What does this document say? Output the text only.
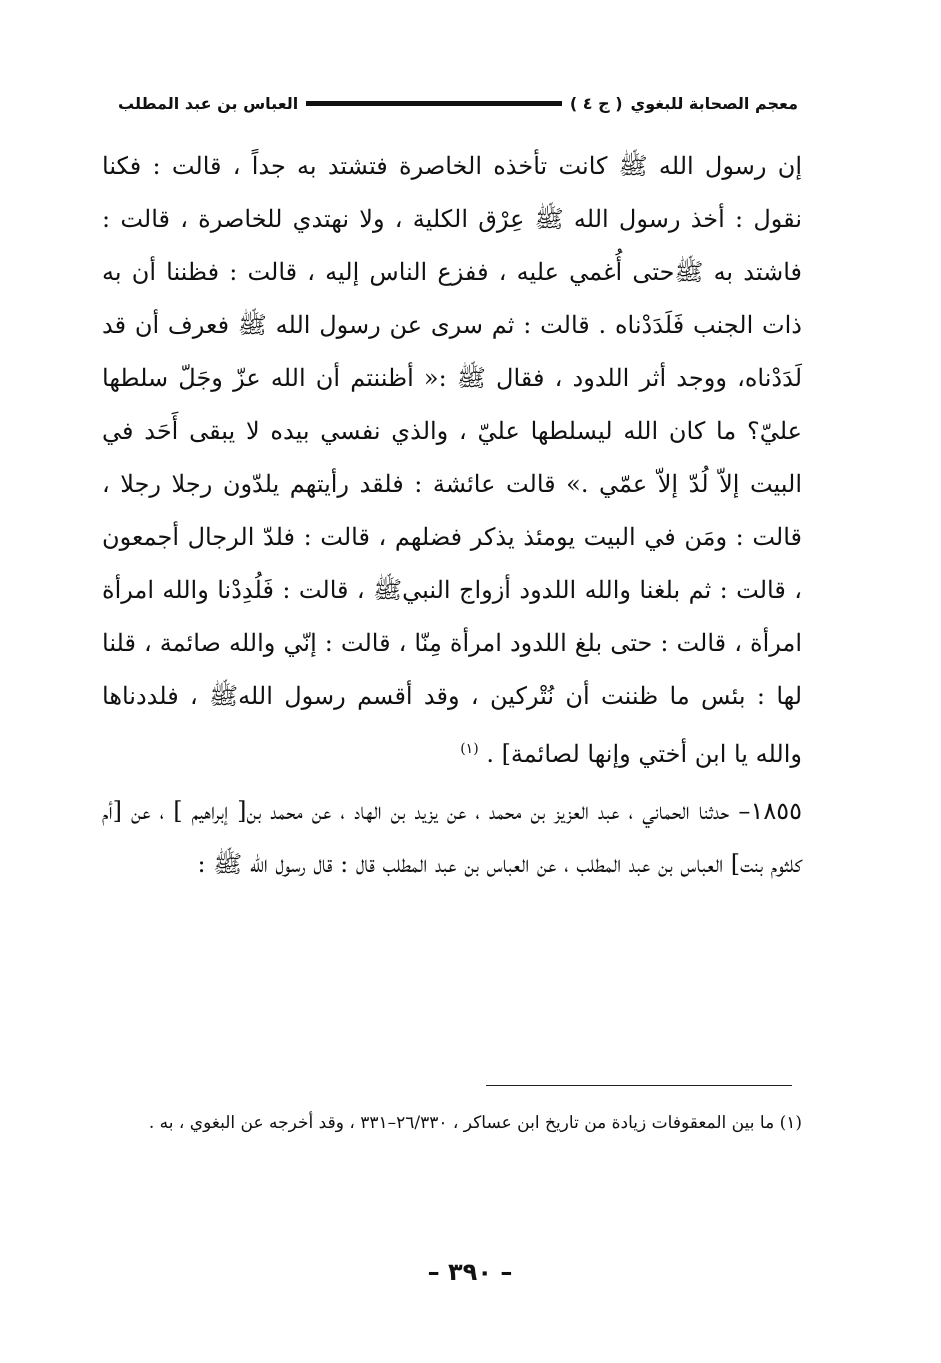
معجم الصحابة للبغوي
( ج ٤ )
العباس بن عبد المطلب

إن رسول الله ﷺ كانت تأخذه الخاصرة فتشتد به جداً ، قالت : فكنا نقول : أخذ رسول الله ﷺ عِرْق الكلية ، ولا نهتدي للخاصرة ، قالت : فاشتد به ﷺحتى أُغمي عليه ، ففزع الناس إليه ، قالت : فظننا أن به ذات الجنب فَلَدَدْناه . قالت : ثم سرى عن رسول الله ﷺ فعرف أن قد لَدَدْناه، ووجد أثر اللدود ، فقال ﷺ :« أظننتم أن الله عزّ وجَلّ سلطها عليّ؟ ما كان الله ليسلطها عليّ ، والذي نفسي بيده لا يبقى أَحَد في البيت إلاّ لُدّ إلاّ عمّي .» قالت عائشة : فلقد رأيتهم يلدّون رجلا رجلا ، قالت : ومَن في البيت يومئذ يذكر فضلهم ، قالت : فلدّ الرجال أجمعون ، قالت : ثم بلغنا والله اللدود أزواج النبيﷺ ، قالت : فَلُدِدْنا والله امرأة امرأة ، قالت : حتى بلغ اللدود امرأة مِنّا ، قالت : إنّي والله صائمة ، قلنا لها : بئس ما ظننت أن نُتْركين ، وقد أقسم رسول اللهﷺ ، فلددناها والله يا ابن أختي وإنها لصائمة] . $^{(١)}$

١٨٥٥– حدثنا الحماني ، عبد العزيز بن محمد ، عن يزيد بن الهاد ، عن محمد بن[ إبراهيم ] ، عن [أم كلثوم بنت] العباس بن عبد المطلب ، عن العباس بن عبد المطلب قال : قال رسول الله ﷺ :

(١) ما بين المعقوفات زيادة من تاريخ ابن عساكر ، ٢٦/٣٣٠–٣٣١ ، وقد أخرجه عن البغوي ، به .
– ٣٩٠ –
